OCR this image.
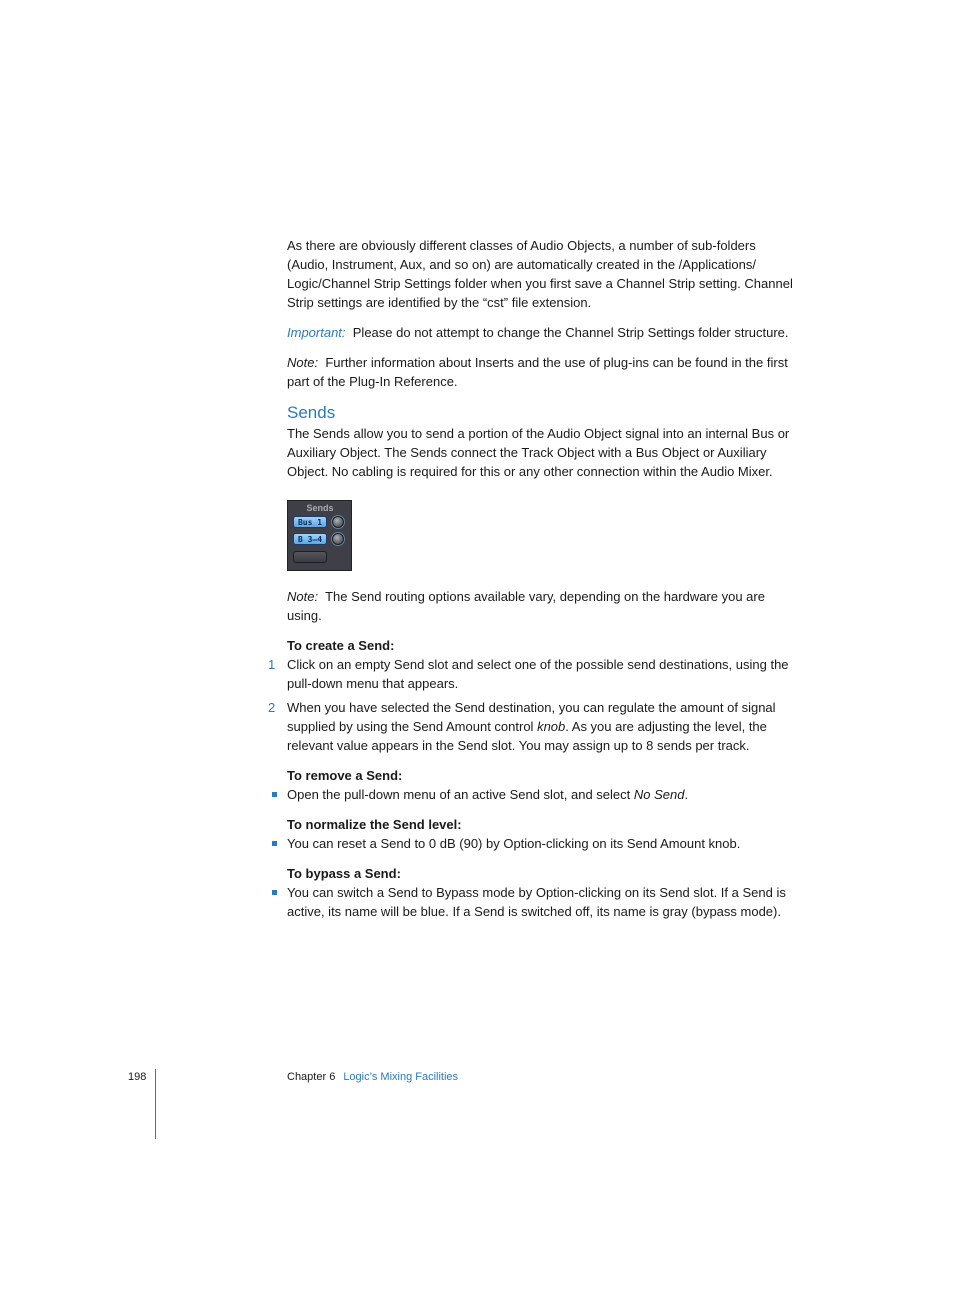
As there are obviously different classes of Audio Objects, a number of sub-folders (Audio, Instrument, Aux, and so on) are automatically created in the /Applications/ Logic/Channel Strip Settings folder when you first save a Channel Strip setting. Channel Strip settings are identified by the “cst” file extension.

Important: Please do not attempt to change the Channel Strip Settings folder structure.

Note: Further information about Inserts and the use of plug-ins can be found in the first part of the Plug-In Reference.

Sends

The Sends allow you to send a portion of the Audio Object signal into an internal Bus or Auxiliary Object. The Sends connect the Track Object with a Bus Object or Auxiliary Object. No cabling is required for this or any other connection within the Audio Mixer.

Sends
Bus 1
B 3–4

Note: The Send routing options available vary, depending on the hardware you are using.

To create a Send:

1 Click on an empty Send slot and select one of the possible send destinations, using the pull-down menu that appears.

2 When you have selected the Send destination, you can regulate the amount of signal supplied by using the Send Amount control knob. As you are adjusting the level, the relevant value appears in the Send slot. You may assign up to 8 sends per track.

To remove a Send:

Open the pull-down menu of an active Send slot, and select No Send.

To normalize the Send level:

You can reset a Send to 0 dB (90) by Option-clicking on its Send Amount knob.

To bypass a Send:

You can switch a Send to Bypass mode by Option-clicking on its Send slot. If a Send is active, its name will be blue. If a Send is switched off, its name is gray (bypass mode).

198	Chapter 6 Logic’s Mixing Facilities
